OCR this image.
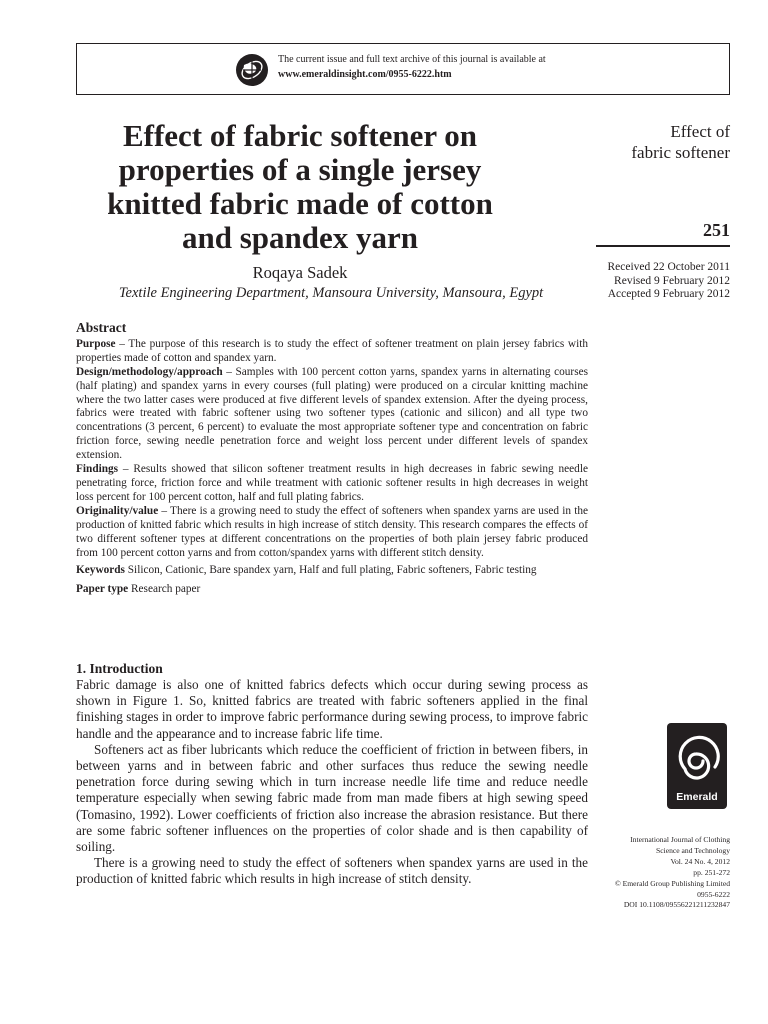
The current issue and full text archive of this journal is available at
www.emeraldinsight.com/0955-6222.htm
Effect of fabric softener on properties of a single jersey knitted fabric made of cotton and spandex yarn
Effect of
fabric softener
251
Received 22 October 2011
Revised 9 February 2012
Accepted 9 February 2012
Roqaya Sadek
Textile Engineering Department, Mansoura University, Mansoura, Egypt
Abstract

Purpose – The purpose of this research is to study the effect of softener treatment on plain jersey fabrics with properties made of cotton and spandex yarn.

Design/methodology/approach – Samples with 100 percent cotton yarns, spandex yarns in alternating courses (half plating) and spandex yarns in every courses (full plating) were produced on a circular knitting machine where the two latter cases were produced at five different levels of spandex extension. After the dyeing process, fabrics were treated with fabric softener using two softener types (cationic and silicon) and all type two concentrations (3 percent, 6 percent) to evaluate the most appropriate softener type and concentration on fabric friction force, sewing needle penetration force and weight loss percent under different levels of spandex extension.

Findings – Results showed that silicon softener treatment results in high decreases in fabric sewing needle penetrating force, friction force and while treatment with cationic softener results in high decreases in weight loss percent for 100 percent cotton, half and full plating fabrics.

Originality/value – There is a growing need to study the effect of softeners when spandex yarns are used in the production of knitted fabric which results in high increase of stitch density. This research compares the effects of two different softener types at different concentrations on the properties of both plain jersey fabric produced from 100 percent cotton yarns and from cotton/spandex yarns with different stitch density.

Keywords Silicon, Cationic, Bare spandex yarn, Half and full plating, Fabric softeners, Fabric testing

Paper type Research paper

1. Introduction

Fabric damage is also one of knitted fabrics defects which occur during sewing process as shown in Figure 1. So, knitted fabrics are treated with fabric softeners applied in the final finishing stages in order to improve fabric performance during sewing process, to improve fabric handle and the appearance and to increase fabric life time.

Softeners act as fiber lubricants which reduce the coefficient of friction in between fibers, in between yarns and in between fabric and other surfaces thus reduce the sewing needle penetration force during sewing which in turn increase needle life time and reduce needle temperature especially when sewing fabric made from man made fibers at high sewing speed (Tomasino, 1992). Lower coefficients of friction also increase the abrasion resistance. But there are some fabric softener influences on the properties of color shade and is then capability of soiling.

There is a growing need to study the effect of softeners when spandex yarns are used in the production of knitted fabric which results in high increase of stitch density.

Emerald
International Journal of Clothing
Science and Technology
Vol. 24 No. 4, 2012
pp. 251-272
© Emerald Group Publishing Limited
0955-6222
DOI 10.1108/09556221211232847
